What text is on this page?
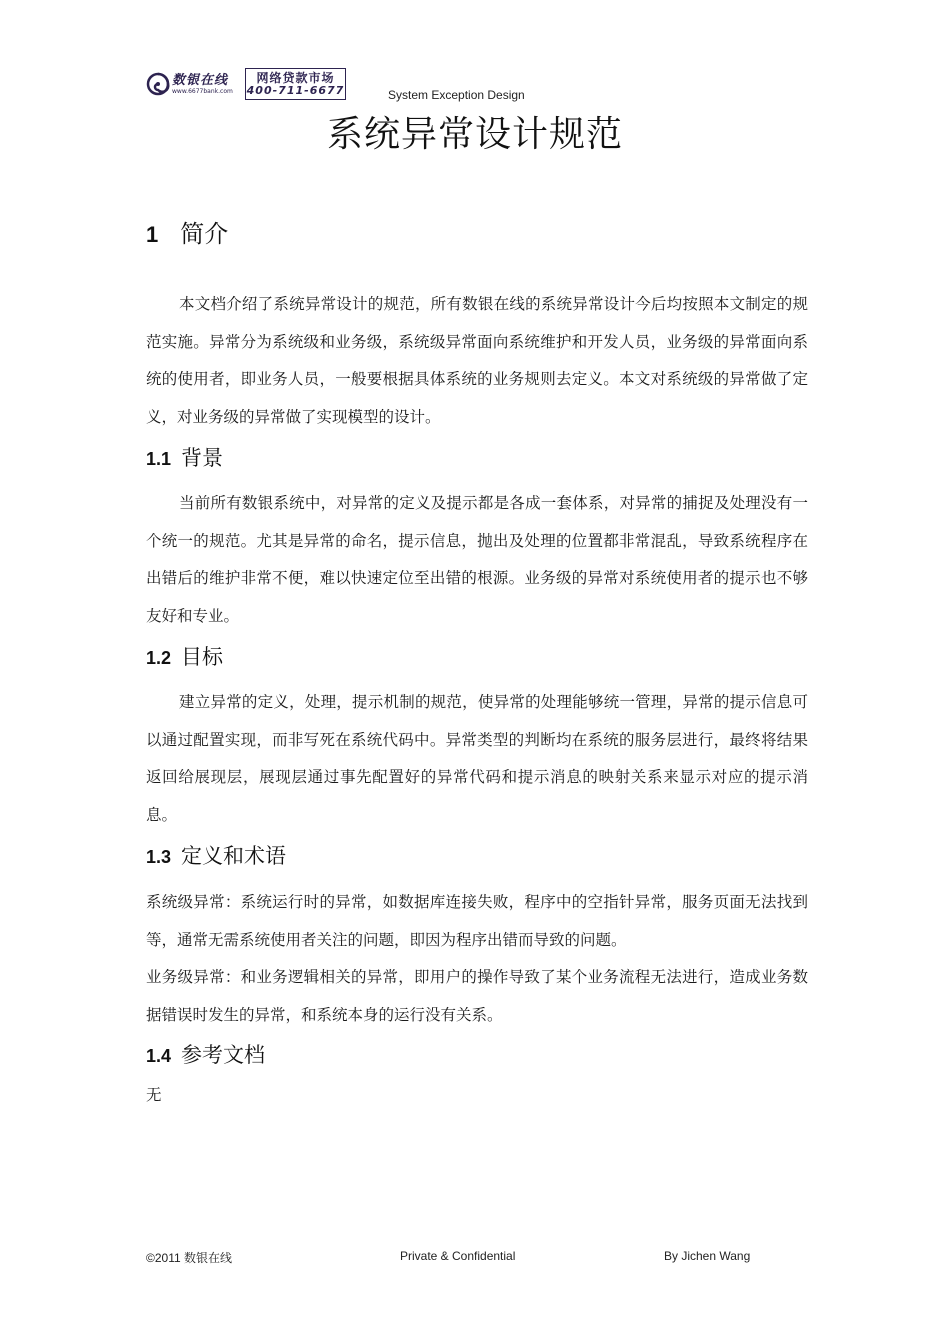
数银在线
www.6677bank.com
网络贷款市场
400-711-6677	System Exception Design
系统异常设计规范
1 简介

本文档介绍了系统异常设计的规范，所有数银在线的系统异常设计今后均按照本文制定的规范实施。异常分为系统级和业务级，系统级异常面向系统维护和开发人员，业务级的异常面向系统的使用者，即业务人员，一般要根据具体系统的业务规则去定义。本文对系统级的异常做了定义，对业务级的异常做了实现模型的设计。

1.1 背景

当前所有数银系统中，对异常的定义及提示都是各成一套体系，对异常的捕捉及处理没有一个统一的规范。尤其是异常的命名，提示信息，抛出及处理的位置都非常混乱，导致系统程序在出错后的维护非常不便，难以快速定位至出错的根源。业务级的异常对系统使用者的提示也不够友好和专业。

1.2 目标

建立异常的定义，处理，提示机制的规范，使异常的处理能够统一管理，异常的提示信息可以通过配置实现，而非写死在系统代码中。异常类型的判断均在系统的服务层进行，最终将结果返回给展现层，展现层通过事先配置好的异常代码和提示消息的映射关系来显示对应的提示消息。

1.3 定义和术语

系统级异常：系统运行时的异常，如数据库连接失败，程序中的空指针异常，服务页面无法找到等，通常无需系统使用者关注的问题，即因为程序出错而导致的问题。

业务级异常：和业务逻辑相关的异常，即用户的操作导致了某个业务流程无法进行，造成业务数据错误时发生的异常，和系统本身的运行没有关系。

1.4 参考文档

无

©2011 数银在线	Private & Confidential	By Jichen Wang
